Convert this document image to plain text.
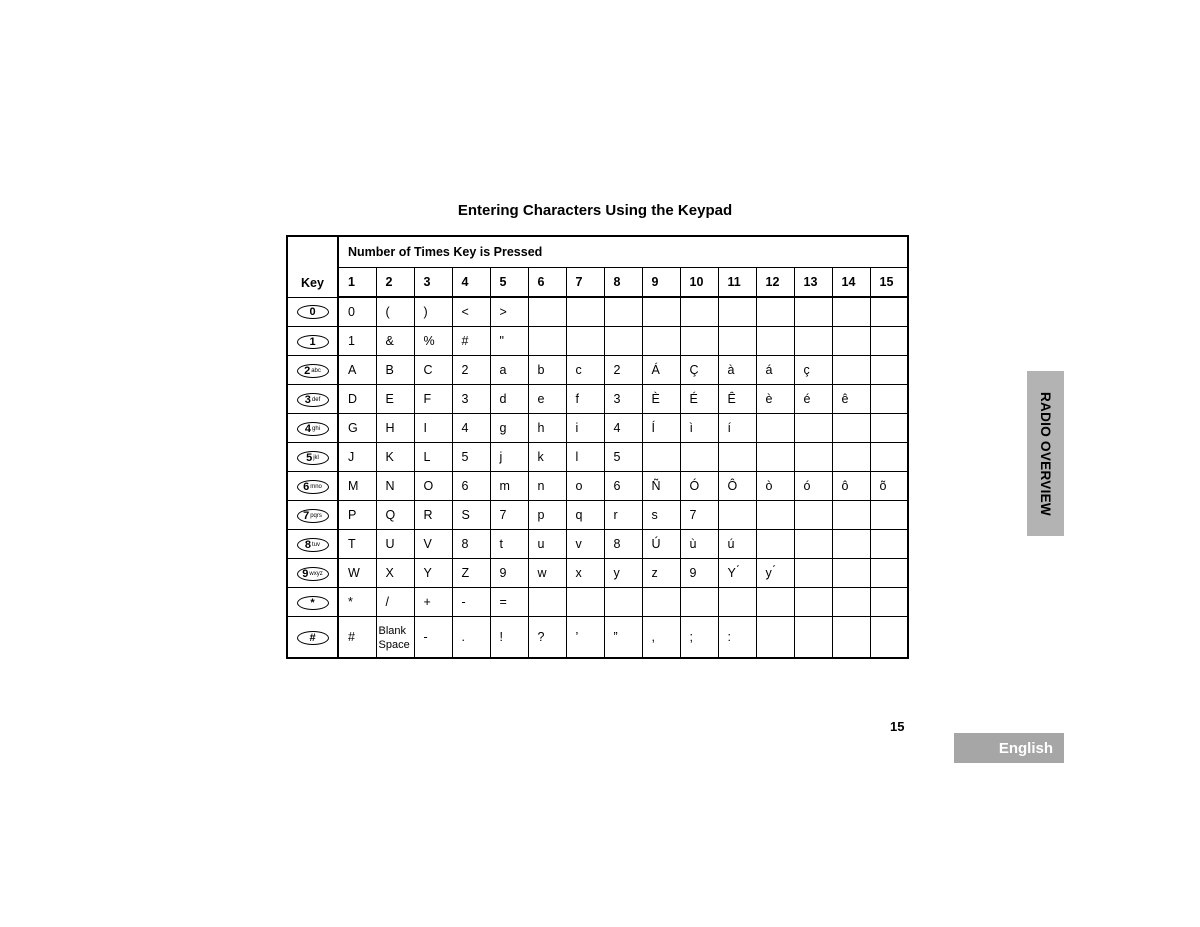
Entering Characters Using the Keypad
Key	Number of Times Key is Pressed														
	1	2	3	4	5	6	7	8	9	10	11	12	13	14	15

0	0	(	)	<	>										

1	1	&	%	#	"										

2 abc	A	B	C	2	a	b	c	2	Á	Ç	à	á	ç		

3 def	D	E	F	3	d	e	f	3	È	É	Ê	è	é	ê	

4 ghi	G	H	I	4	g	h	i	4	Í	ì	í				

5 jkl	J	K	L	5	j	k	l	5							

6 mno	M	N	O	6	m	n	o	6	Ñ	Ó	Ô	ò	ó	ô	õ

7 pqrs	P	Q	R	S	7	p	q	r	s	7					

8 tuv	T	U	V	8	t	u	v	8	Ú	ù	ú				

9 wxyz	W	X	Y	Z	9	w	x	y	z	9	Y ́	y ́			

*	*	/	+	-	=										

#	#	Blank Space	-	.	!	?	’	”	,	;	:				
RADIO OVERVIEW
15
English
